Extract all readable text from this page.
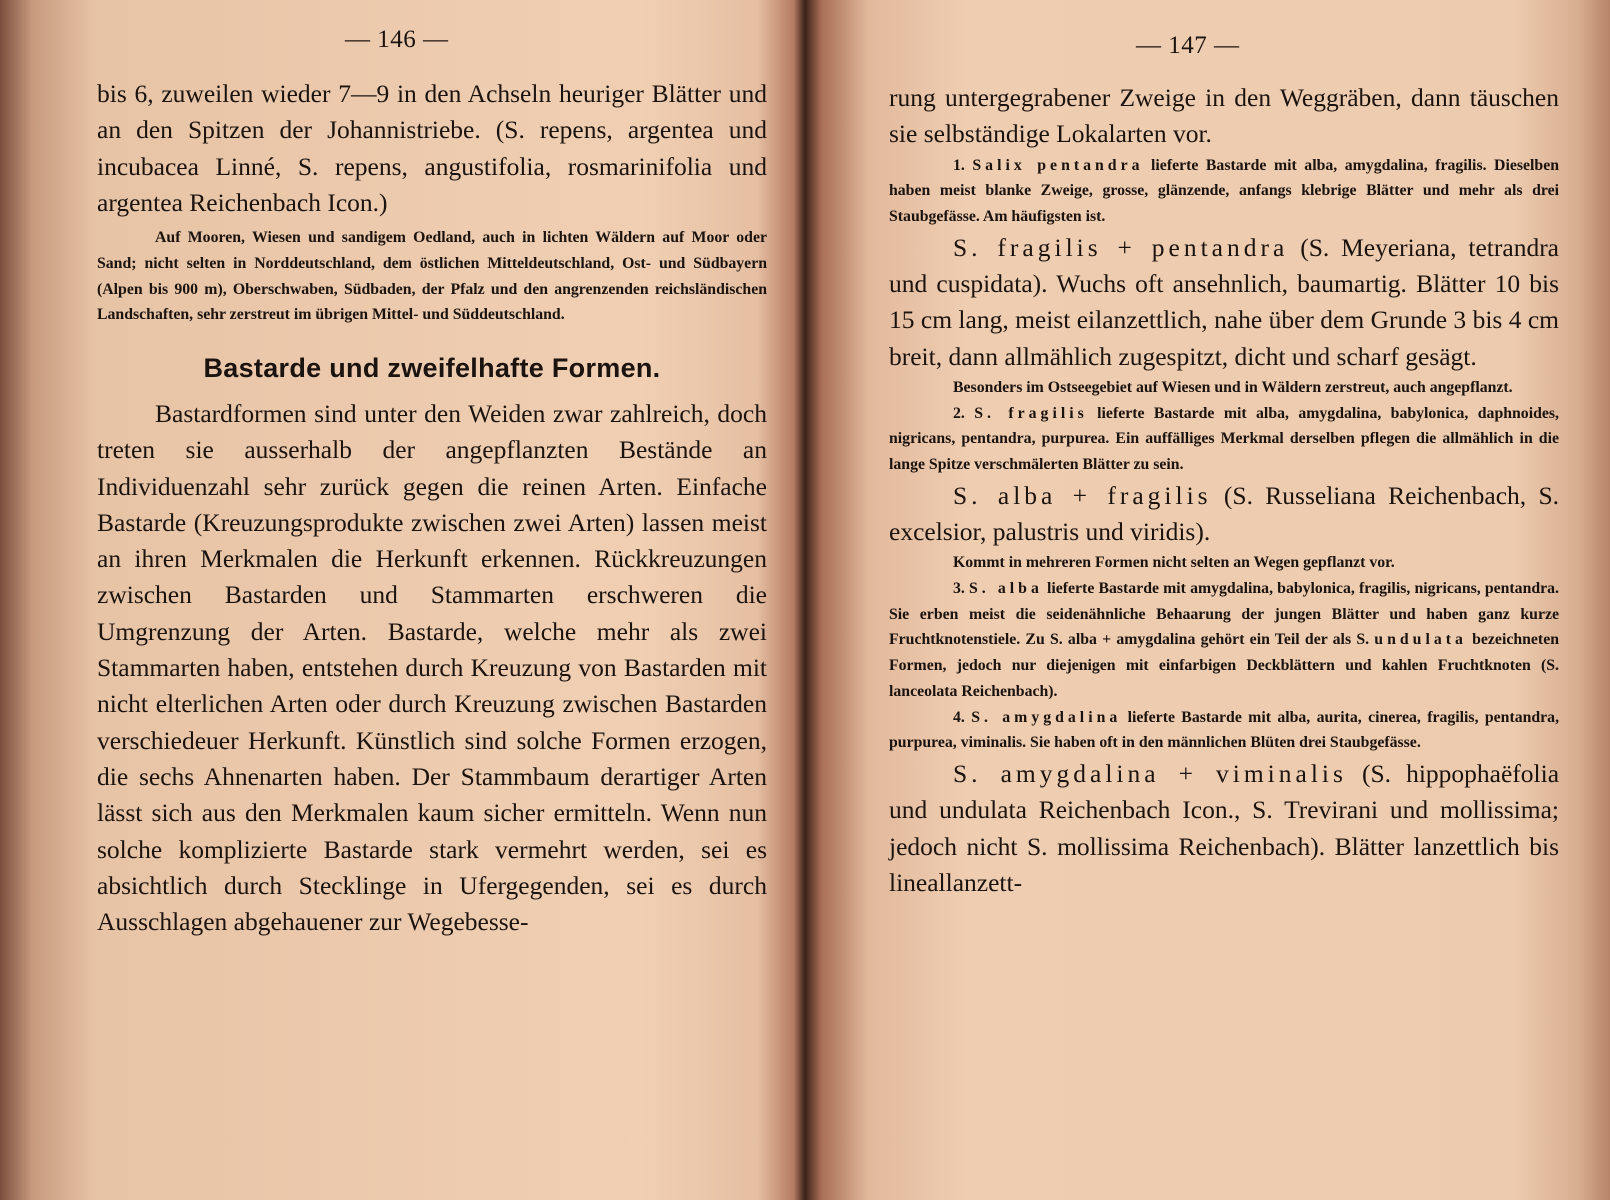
— 146 —

bis 6, zuweilen wieder 7—9 in den Achseln heuriger Blätter und an den Spitzen der Johannistriebe. (S. repens, argentea und incubacea Linné, S. repens, angustifolia, rosmarinifolia und argentea Reichenbach Icon.)

Auf Mooren, Wiesen und sandigem Oedland, auch in lichten Wäldern auf Moor oder Sand; nicht selten in Norddeutschland, dem östlichen Mitteldeutschland, Ost- und Südbayern (Alpen bis 900 m), Oberschwaben, Südbaden, der Pfalz und den angrenzenden reichsländischen Landschaften, sehr zerstreut im übrigen Mittel- und Süddeutschland.

Bastarde und zweifelhafte Formen.

Bastardformen sind unter den Weiden zwar zahlreich, doch treten sie ausserhalb der angepflanzten Bestände an Individuenzahl sehr zurück gegen die reinen Arten. Einfache Bastarde (Kreuzungsprodukte zwischen zwei Arten) lassen meist an ihren Merkmalen die Herkunft erkennen. Rückkreuzungen zwischen Bastarden und Stammarten erschweren die Umgrenzung der Arten. Bastarde, welche mehr als zwei Stammarten haben, entstehen durch Kreuzung von Bastarden mit nicht elterlichen Arten oder durch Kreuzung zwischen Bastarden verschiedeuer Herkunft. Künstlich sind solche Formen erzogen, die sechs Ahnenarten haben. Der Stammbaum derartiger Arten lässt sich aus den Merkmalen kaum sicher ermitteln. Wenn nun solche komplizierte Bastarde stark vermehrt werden, sei es absichtlich durch Stecklinge in Ufergegenden, sei es durch Ausschlagen abgehauener zur Wegebesse-

— 147 —

rung untergegrabener Zweige in den Weggräben, dann täuschen sie selbständige Lokalarten vor.

1. Salix pentandra lieferte Bastarde mit alba, amygdalina, fragilis. Dieselben haben meist blanke Zweige, grosse, glänzende, anfangs klebrige Blätter und mehr als drei Staubgefässe. Am häufigsten ist.

S. fragilis + pentandra (S. Meyeriana, tetrandra und cuspidata). Wuchs oft ansehnlich, baumartig. Blätter 10 bis 15 cm lang, meist eilanzettlich, nahe über dem Grunde 3 bis 4 cm breit, dann allmählich zugespitzt, dicht und scharf gesägt.

Besonders im Ostseegebiet auf Wiesen und in Wäldern zerstreut, auch angepflanzt.

2. S. fragilis lieferte Bastarde mit alba, amygdalina, babylonica, daphnoides, nigricans, pentandra, purpurea. Ein auffälliges Merkmal derselben pflegen die allmählich in die lange Spitze verschmälerten Blätter zu sein.

S. alba + fragilis (S. Russeliana Reichenbach, S. excelsior, palustris und viridis).

Kommt in mehreren Formen nicht selten an Wegen gepflanzt vor.

3. S. alba lieferte Bastarde mit amygdalina, babylonica, fragilis, nigricans, pentandra. Sie erben meist die seidenähnliche Behaarung der jungen Blätter und haben ganz kurze Fruchtknotenstiele. Zu S. alba + amygdalina gehört ein Teil der als S. undulata bezeichneten Formen, jedoch nur diejenigen mit einfarbigen Deckblättern und kahlen Fruchtknoten (S. lanceolata Reichenbach).

4. S. amygdalina lieferte Bastarde mit alba, aurita, cinerea, fragilis, pentandra, purpurea, viminalis. Sie haben oft in den männlichen Blüten drei Staubgefässe.

S. amygdalina + viminalis (S. hippophaëfolia und undulata Reichenbach Icon., S. Trevirani und mollissima; jedoch nicht S. mollissima Reichenbach). Blätter lanzettlich bis lineallanzett-
